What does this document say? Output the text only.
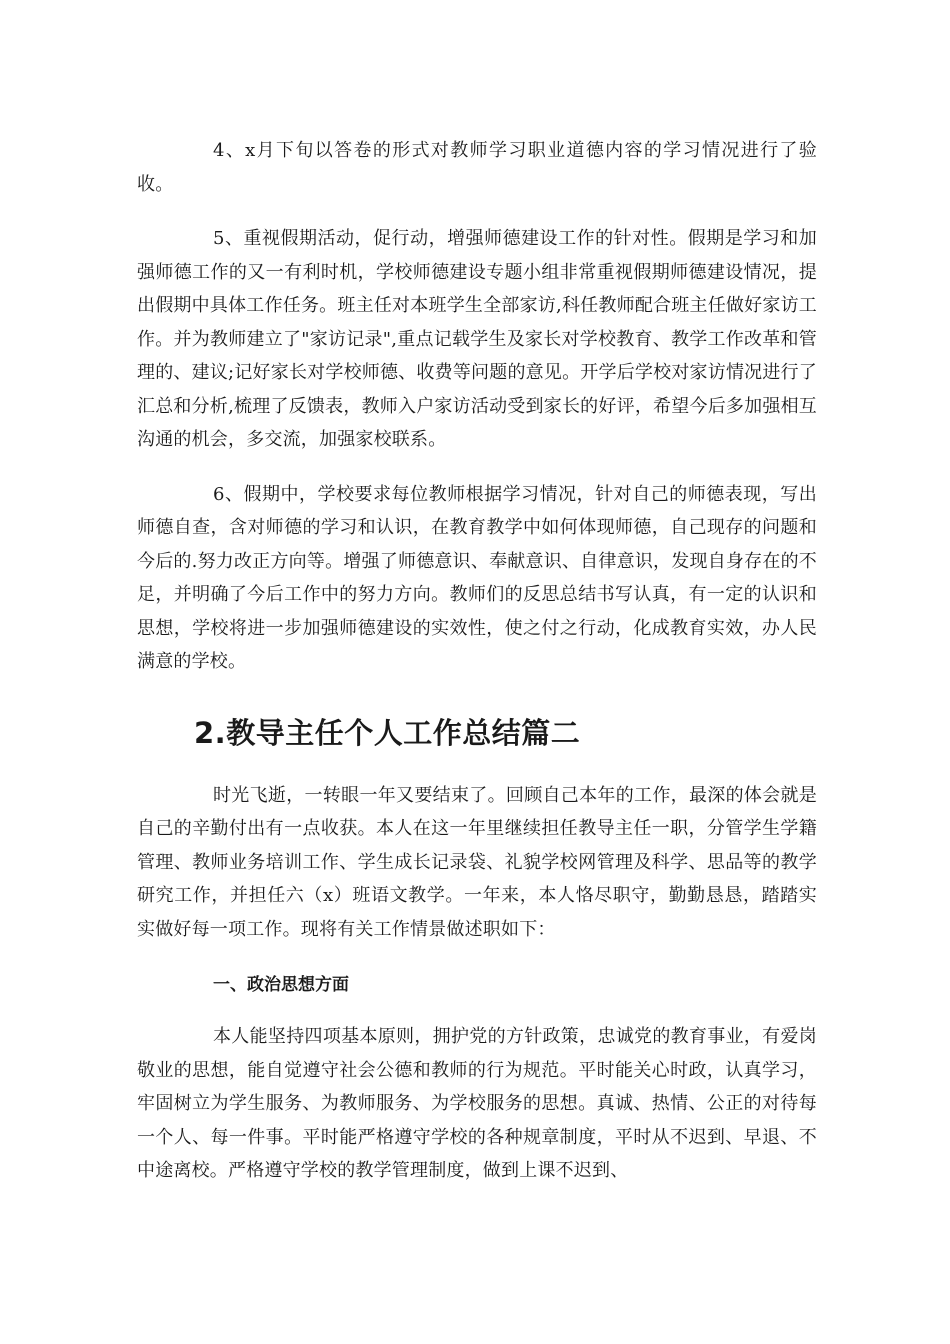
4、x月下旬以答卷的形式对教师学习职业道德内容的学习情况进行了验收。

5、重视假期活动，促行动，增强师德建设工作的针对性。假期是学习和加强师德工作的又一有利时机，学校师德建设专题小组非常重视假期师德建设情况，提出假期中具体工作任务。班主任对本班学生全部家访,科任教师配合班主任做好家访工作。并为教师建立了"家访记录",重点记载学生及家长对学校教育、教学工作改革和管理的、建议;记好家长对学校师德、收费等问题的意见。开学后学校对家访情况进行了汇总和分析,梳理了反馈表，教师入户家访活动受到家长的好评，希望今后多加强相互沟通的机会，多交流，加强家校联系。

6、假期中，学校要求每位教师根据学习情况，针对自己的师德表现，写出师德自查，含对师德的学习和认识，在教育教学中如何体现师德，自己现存的问题和今后的.努力改正方向等。增强了师德意识、奉献意识、自律意识，发现自身存在的不足，并明确了今后工作中的努力方向。教师们的反思总结书写认真，有一定的认识和思想，学校将进一步加强师德建设的实效性，使之付之行动，化成教育实效，办人民满意的学校。

2.教导主任个人工作总结篇二

时光飞逝，一转眼一年又要结束了。回顾自己本年的工作，最深的体会就是自己的辛勤付出有一点收获。本人在这一年里继续担任教导主任一职，分管学生学籍管理、教师业务培训工作、学生成长记录袋、礼貌学校网管理及科学、思品等的教学研究工作，并担任六（x）班语文教学。一年来，本人恪尽职守，勤勤恳恳，踏踏实实做好每一项工作。现将有关工作情景做述职如下：

一、政治思想方面

本人能坚持四项基本原则，拥护党的方针政策，忠诚党的教育事业，有爱岗敬业的思想，能自觉遵守社会公德和教师的行为规范。平时能关心时政，认真学习，牢固树立为学生服务、为教师服务、为学校服务的思想。真诚、热情、公正的对待每一个人、每一件事。平时能严格遵守学校的各种规章制度，平时从不迟到、早退、不中途离校。严格遵守学校的教学管理制度，做到上课不迟到、
